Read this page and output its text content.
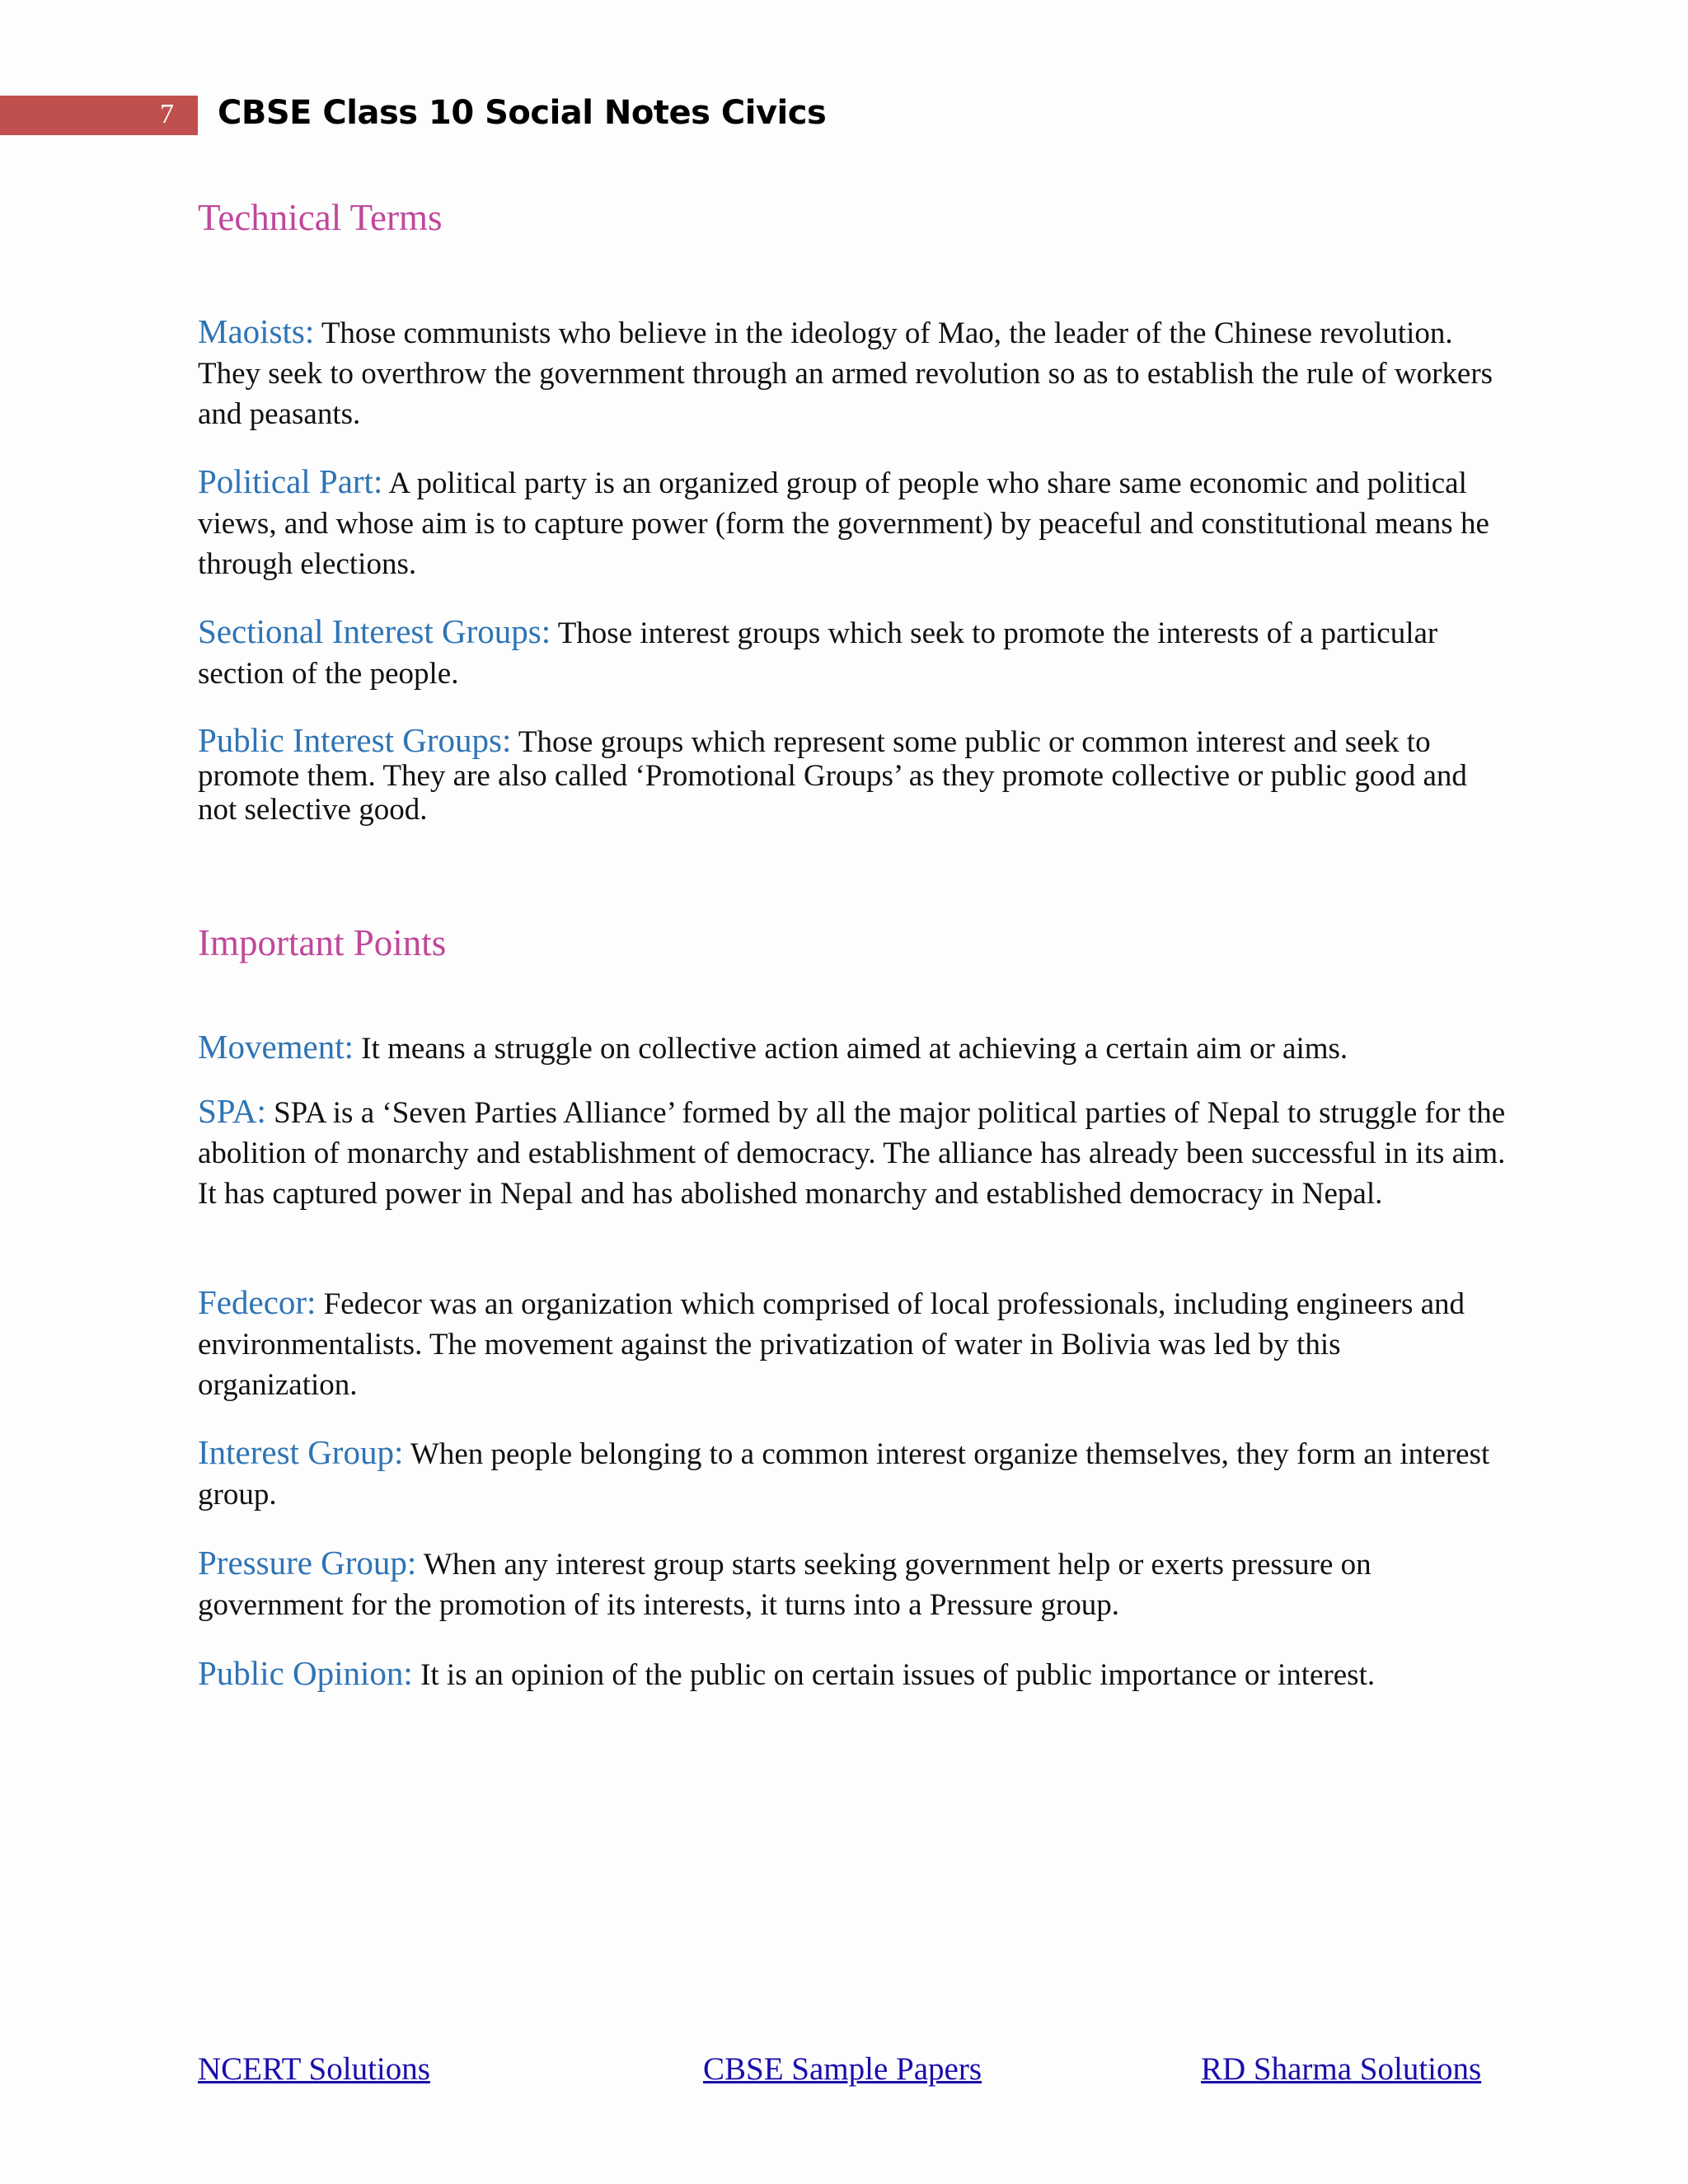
7 CBSE Class 10 Social Notes Civics
Technical Terms

Maoists: Those communists who believe in the ideology of Mao, the leader of the Chinese revolution. They seek to overthrow the government through an armed revolution so as to establish the rule of workers and peasants.

Political Part: A political party is an organized group of people who share same economic and political views, and whose aim is to capture power (form the government) by peaceful and constitutional means he through elections.

Sectional Interest Groups: Those interest groups which seek to promote the interests of a particular section of the people.

Public Interest Groups: Those groups which represent some public or common interest and seek to promote them. They are also called ‘Promotional Groups’ as they promote collective or public good and not selective good.

Important Points

Movement: It means a struggle on collective action aimed at achieving a certain aim or aims.

SPA: SPA is a ‘Seven Parties Alliance’ formed by all the major political parties of Nepal to struggle for the abolition of monarchy and establishment of democracy. The alliance has already been successful in its aim. It has captured power in Nepal and has abolished monarchy and established democracy in Nepal.

Fedecor: Fedecor was an organization which comprised of local professionals, including engineers and environmentalists. The movement against the privatization of water in Bolivia was led by this organization.

Interest Group: When people belonging to a common interest organize themselves, they form an interest group.

Pressure Group: When any interest group starts seeking government help or exerts pressure on government for the promotion of its interests, it turns into a Pressure group.

Public Opinion: It is an opinion of the public on certain issues of public importance or interest.

NCERT Solutions	CBSE Sample Papers	RD Sharma Solutions
